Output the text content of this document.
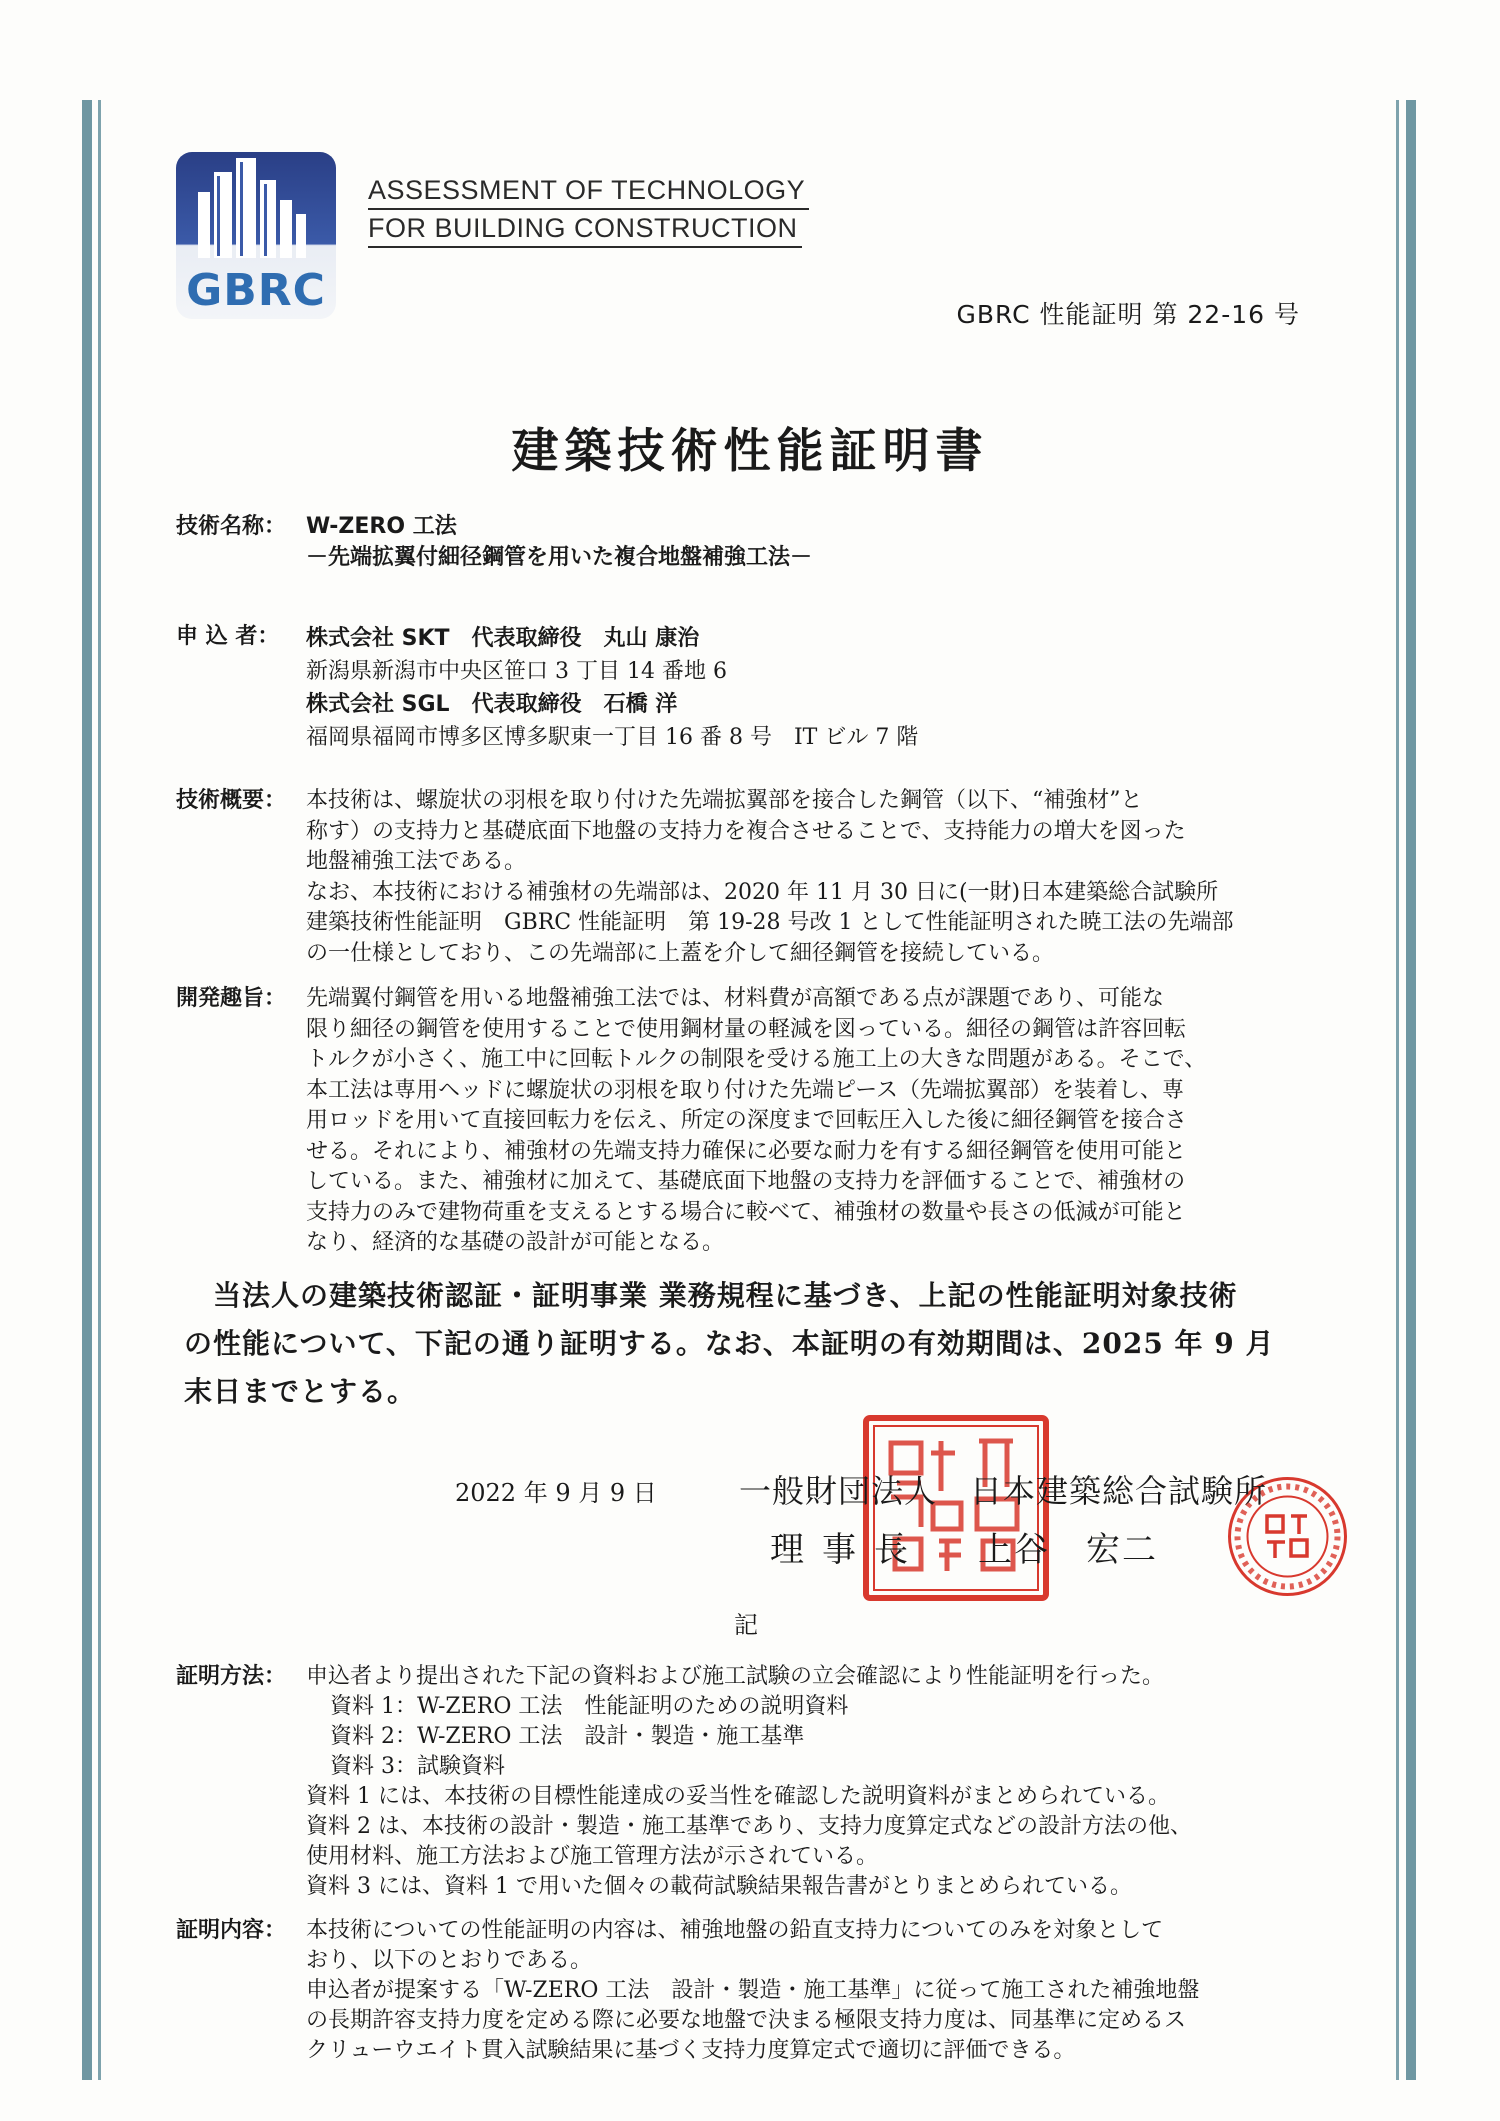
GBRC
ASSESSMENT OF TECHNOLOGY
FOR BUILDING CONSTRUCTION
GBRC 性能証明 第 22-16 号
建築技術性能証明書
技術名称： W-ZERO 工法
－先端拡翼付細径鋼管を用いた複合地盤補強工法－
申 込 者： 株式会社 SKT　代表取締役　丸山 康治
新潟県新潟市中央区笹口 3 丁目 14 番地 6
株式会社 SGL　代表取締役　石橋 洋
福岡県福岡市博多区博多駅東一丁目 16 番 8 号　IT ビル 7 階
技術概要： 本技術は、螺旋状の羽根を取り付けた先端拡翼部を接合した鋼管（以下、“補強材”と
称す）の支持力と基礎底面下地盤の支持力を複合させることで、支持能力の増大を図った
地盤補強工法である。
なお、本技術における補強材の先端部は、2020 年 11 月 30 日に(一財)日本建築総合試験所
建築技術性能証明　GBRC 性能証明　第 19-28 号改 1 として性能証明された暁工法の先端部
の一仕様としており、この先端部に上蓋を介して細径鋼管を接続している。
開発趣旨： 先端翼付鋼管を用いる地盤補強工法では、材料費が高額である点が課題であり、可能な
限り細径の鋼管を使用することで使用鋼材量の軽減を図っている。細径の鋼管は許容回転
トルクが小さく、施工中に回転トルクの制限を受ける施工上の大きな問題がある。そこで、
本工法は専用ヘッドに螺旋状の羽根を取り付けた先端ピース（先端拡翼部）を装着し、専
用ロッドを用いて直接回転力を伝え、所定の深度まで回転圧入した後に細径鋼管を接合さ
せる。それにより、補強材の先端支持力確保に必要な耐力を有する細径鋼管を使用可能と
している。また、補強材に加えて、基礎底面下地盤の支持力を評価することで、補強材の
支持力のみで建物荷重を支えるとする場合に較べて、補強材の数量や長さの低減が可能と
なり、経済的な基礎の設計が可能となる。
　当法人の建築技術認証・証明事業 業務規程に基づき、上記の性能証明対象技術
の性能について、下記の通り証明する。なお、本証明の有効期間は、2025 年 9 月
末日までとする。
2022 年 9 月 9 日	一般財団法人　日本建築総合試験所
理事長 上谷　宏二
記
証明方法： 申込者より提出された下記の資料および施工試験の立会確認により性能証明を行った。
資料 1：W-ZERO 工法　性能証明のための説明資料
資料 2：W-ZERO 工法　設計・製造・施工基準
資料 3：試験資料
資料 1 には、本技術の目標性能達成の妥当性を確認した説明資料がまとめられている。
資料 2 は、本技術の設計・製造・施工基準であり、支持力度算定式などの設計方法の他、
使用材料、施工方法および施工管理方法が示されている。
資料 3 には、資料 1 で用いた個々の載荷試験結果報告書がとりまとめられている。
証明内容： 本技術についての性能証明の内容は、補強地盤の鉛直支持力についてのみを対象として
おり、以下のとおりである。
申込者が提案する「W-ZERO 工法　設計・製造・施工基準」に従って施工された補強地盤
の長期許容支持力度を定める際に必要な地盤で決まる極限支持力度は、同基準に定めるス
クリューウエイト貫入試験結果に基づく支持力度算定式で適切に評価できる。
